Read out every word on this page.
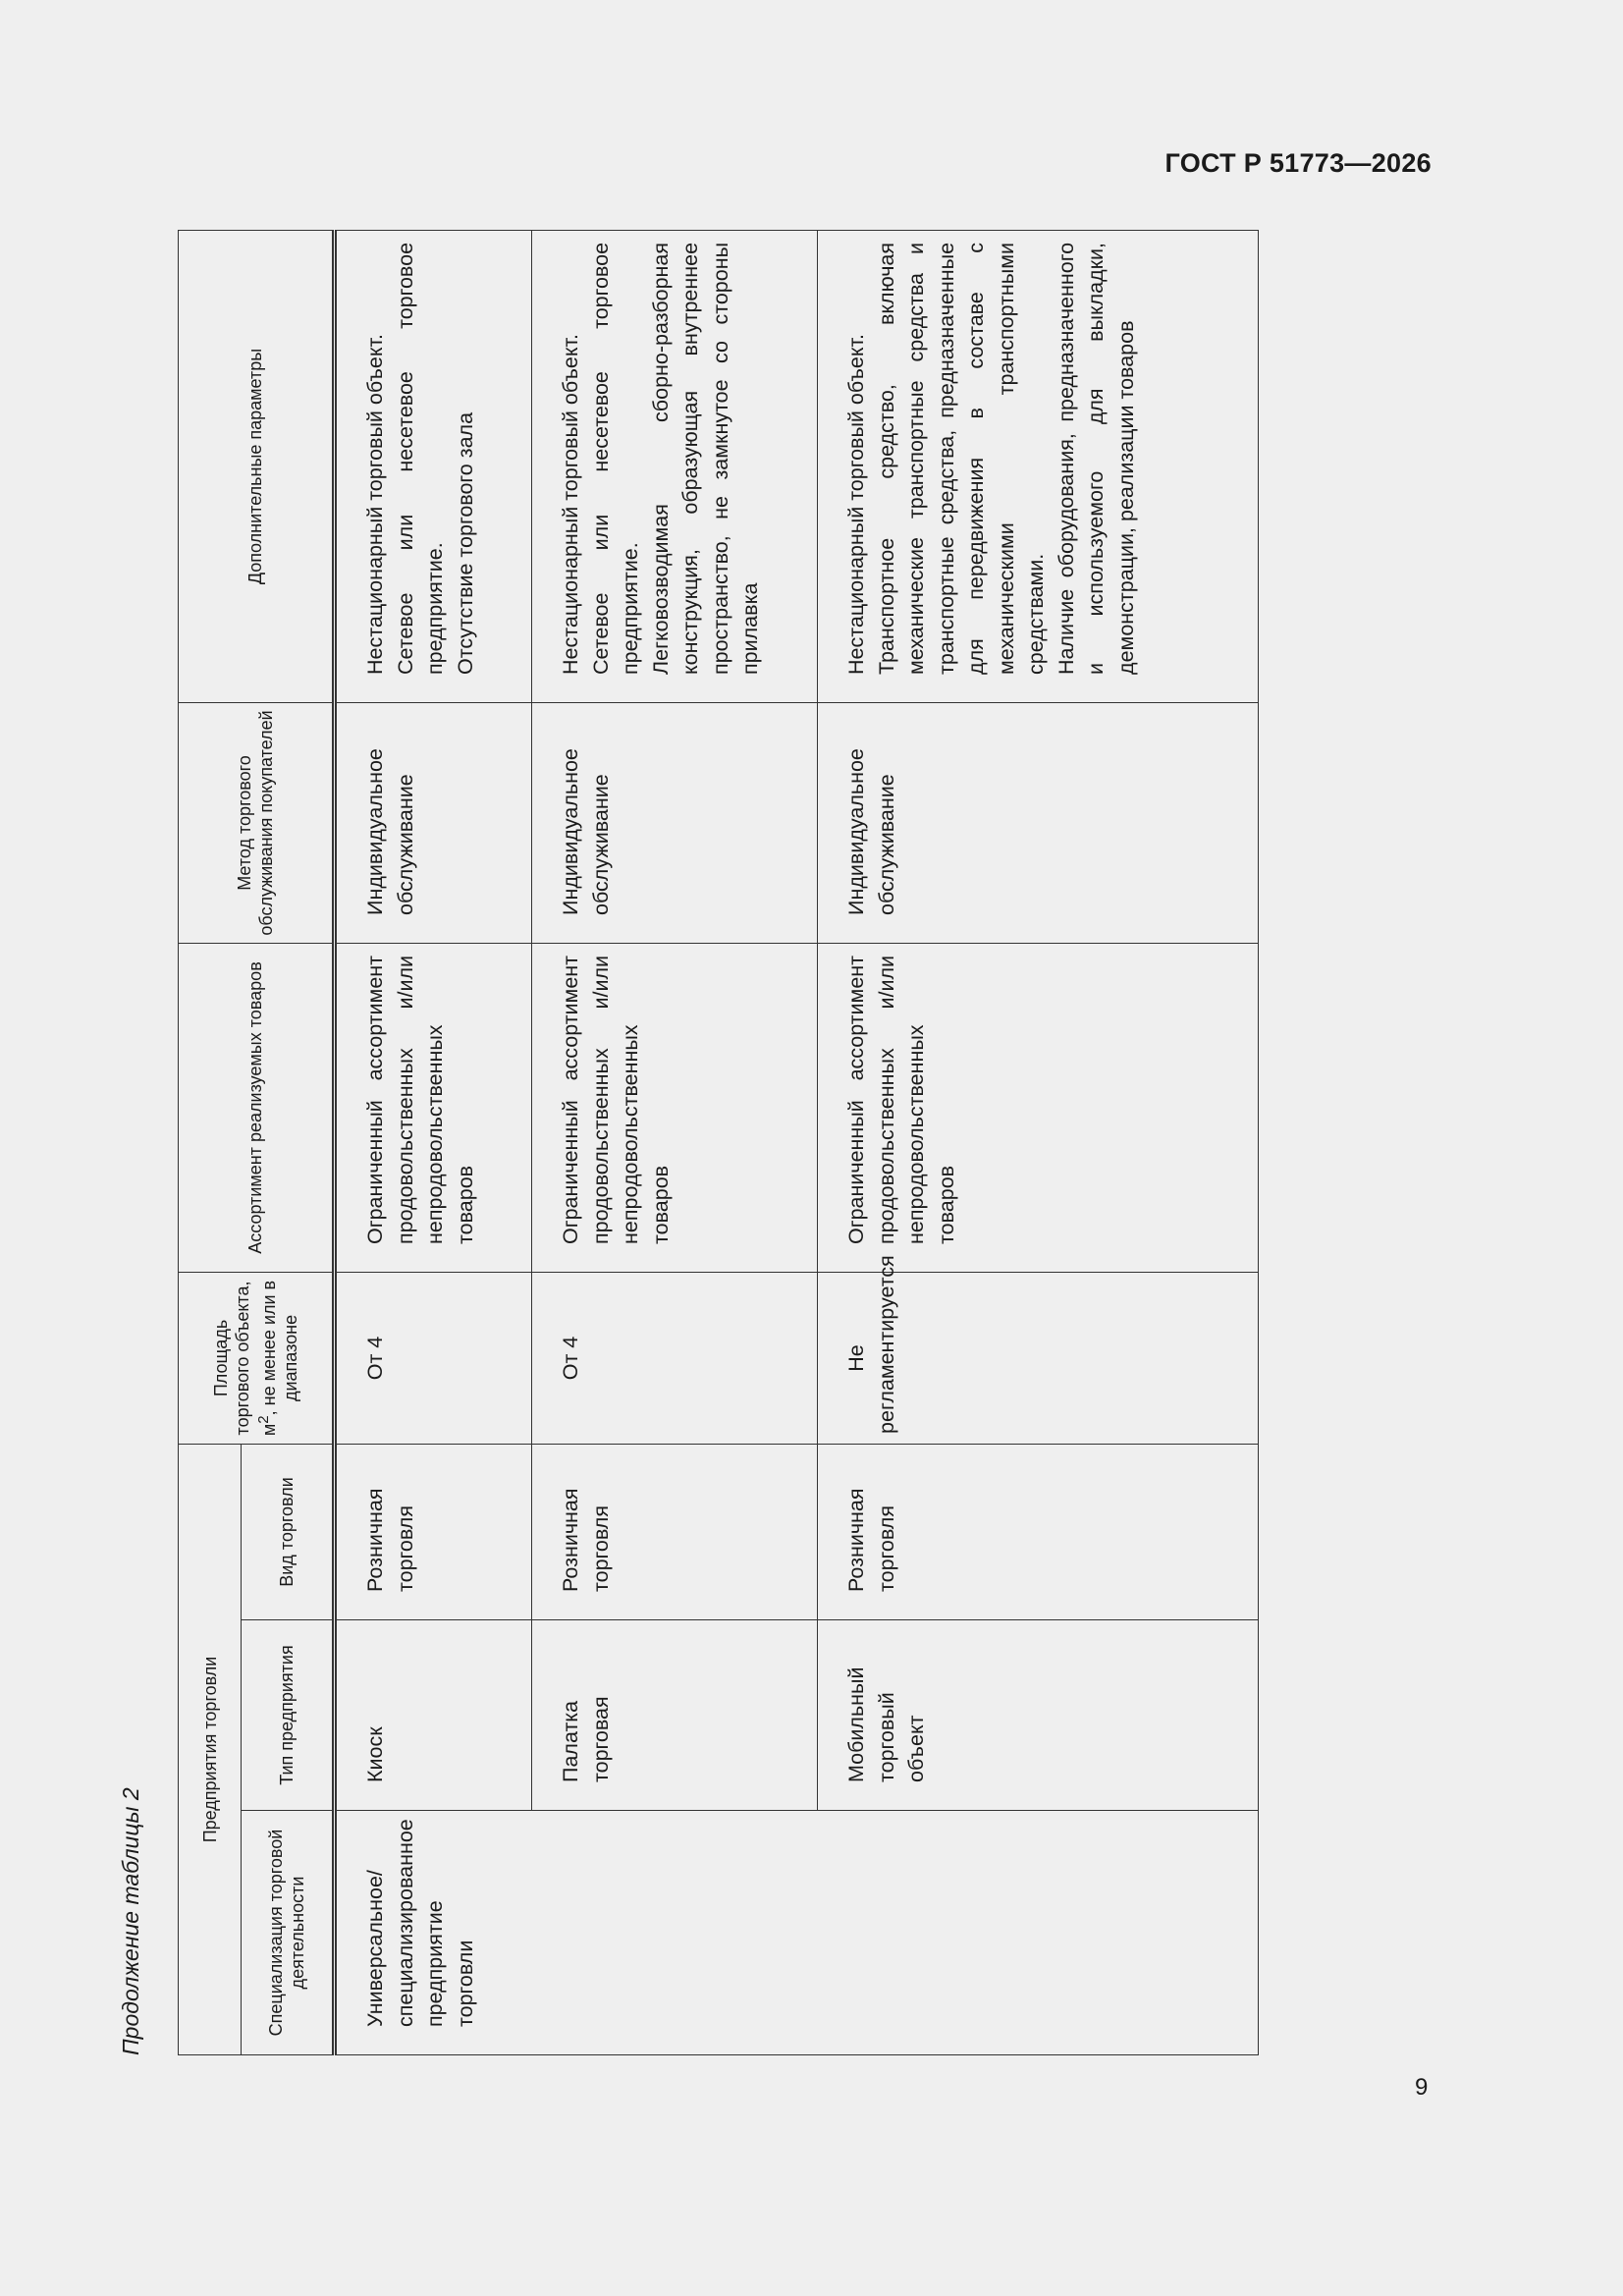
ГОСТ Р 51773—2026
Продолжение таблицы 2
Предприятия торговли			Площадь торгового объекта, $м^2$, не менее или в диапазоне	Ассортимент реализуемых товаров	Метод торгового обслуживания покупателей	Дополнительные параметры
Специализация торговой деятельности	Тип предприятия	Вид торговли				
Универсальное/специализированное предприятие торговли	Киоск	Розничная торговля	От 4	Ограниченный ассортимент продовольственных и/или непродовольственных товаров	Индивидуальное обслуживание	Нестационарный торговый объект. Сетевое или несетевое торговое предприятие. Отсутствие торгового зала

	Палатка торговая	Розничная торговля	От 4	Ограниченный ассортимент продовольственных и/или непродовольственных товаров	Индивидуальное обслуживание	Нестационарный торговый объект. Сетевое или несетевое торговое предприятие. Легковозводимая сборно-разборная конструкция, образующая внутреннее пространство, не замкнутое со стороны прилавка

	Мобильный торговый объект	Розничная торговля	Не регламентируется	Ограниченный ассортимент продовольственных и/или непродовольственных товаров	Индивидуальное обслуживание	Нестационарный торговый объект. Транспортное средство, включая механические транспортные средства и транспортные средства, предназначенные для передвижения в составе с механическими транспортными средствами. Наличие оборудования, предназначенного и используемого для выкладки, демонстрации, реализации товаров
9
